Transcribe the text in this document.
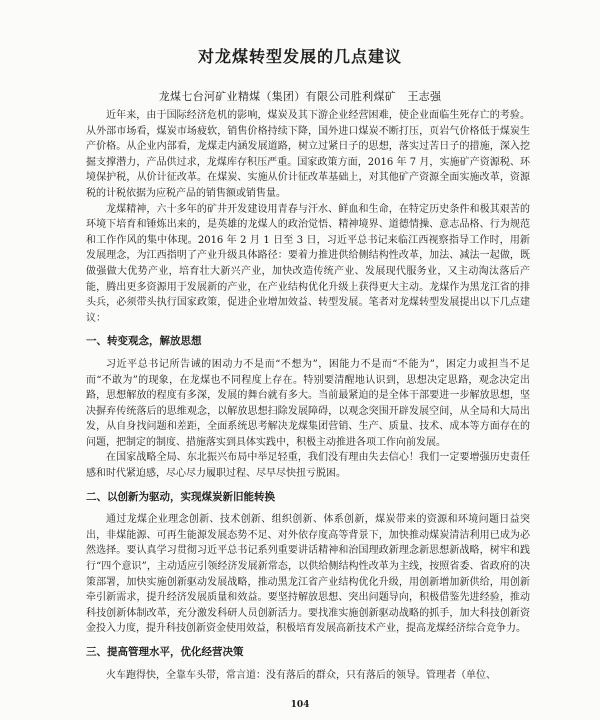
对龙煤转型发展的几点建议
龙煤七台河矿业精煤（集团）有限公司胜利煤矿　王志强

近年来，由于国际经济危机的影响，煤炭及其下游企业经营困难，使企业面临生死存亡的考验。从外部市场看，煤炭市场疲软，销售价格持续下降，国外进口煤炭不断打压，页岩气价格低于煤炭生产价格。从企业内部看，龙煤走内涵发展道路，树立过紧日子的思想，落实过苦日子的措施，深入挖掘支撑潜力，产品供过求，龙煤库存积压严重。国家政策方面，2016 年 7 月，实施矿产资源税、环境保护税，从价计征改革。在煤炭、实施从价计征改革基础上，对其他矿产资源全面实施改革，资源税的计税依据为应税产品的销售额或销售量。

龙煤精神，六十多年的矿井开发建设用青春与汗水、鲜血和生命，在特定历史条件和极其艰苦的环境下培育和锤炼出来的，是英雄的龙煤人的政治觉悟、精神境界、道德情操、意志品格、行为规范和工作作风的集中体现。2016 年 2 月 1 日至 3 日，习近平总书记来临江西视察指导工作时，用新发展理念，为江西指明了产业升级具体路径：要着力推进供给侧结构性改革，加法、减法一起做，既做强做大优势产业，培育壮大新兴产业，加快改造传统产业、发展现代服务业，又主动淘汰落后产能，腾出更多资源用于发展新的产业，在产业结构优化升级上获得更大主动。龙煤作为黑龙江省的排头兵，必须带头执行国家政策，促进企业增加效益、转型发展。笔者对龙煤转型发展提出以下几点建议：

一、转变观念，解放思想

习近平总书记所告诫的困动力不是而“不想为”，困能力不是而“不能为”，困定力或担当不足而“不敢为”的现象，在龙煤也不同程度上存在。特别要清醒地认识到，思想决定思路，观念决定出路，思想解放的程度有多深，发展的舞台就有多大。当前最紧迫的是全体干部要进一步解放思想，坚决摒弃传统落后的思维观念，以解放思想扫除发展障碍，以观念突围开辟发展空间，从全局和大局出发，从自身找问题和差距，全面系统思考解决龙煤集团营销、生产、质量、技术、成本等方面存在的问题，把制定的制度、措施落实到具体实践中，积极主动推进各项工作向前发展。

在国家战略全局、东北振兴布局中举足轻重，我们没有理由失去信心！我们一定要增强历史责任感和时代紧迫感，尽心尽力履职过程、尽早尽快扭亏脱困。

二、以创新为驱动，实现煤炭新旧能转换

通过龙煤企业理念创新、技术创新、组织创新、体系创新，煤炭带来的资源和环境问题日益突出，非煤能源、可再生能源发展态势不足、对外依存度高等背景下，加快推动煤炭清洁利用已成为必然选择。要认真学习贯彻习近平总书记系列重要讲话精神和治国理政新理念新思想新战略，树牢和践行“四个意识”，主动适应引领经济发展新常态，以供给侧结构性改革为主线，按照省委、省政府的决策部署，加快实施创新驱动发展战略，推动黑龙江省产业结构优化升级，用创新增加新供给，用创新牵引新需求，提升经济发展质量和效益。要坚持解放思想、突出问题导向，积极借鉴先进经验，推动科技创新体制改革，充分激发科研人员创新活力。要找准实施创新驱动战略的抓手，加大科技创新资金投入力度，提升科技创新资金使用效益，积极培育发展高新技术产业，提高龙煤经济综合竞争力。

三、提高管理水平，优化经营决策

火车跑得快，全靠车头带，常言道：没有落后的群众，只有落后的领导。管理者（单位、

104
